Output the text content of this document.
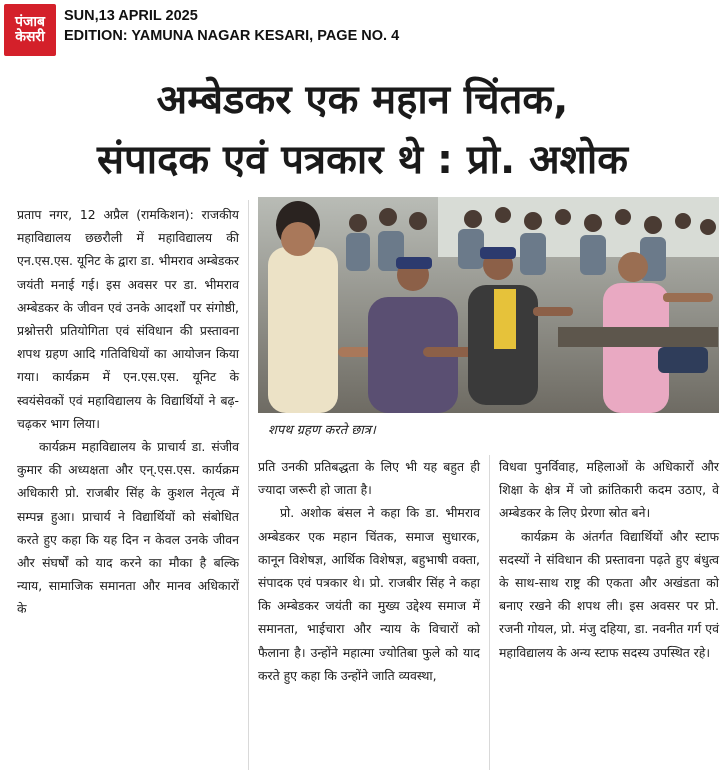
पंजाब
केसरी
SUN,13 APRIL 2025
EDITION: YAMUNA NAGAR KESARI, PAGE NO. 4
अम्बेडकर एक महान चिंतक,
संपादक एवं पत्रकार थे : प्रो. अशोक

प्रताप नगर, 12 अप्रैल (रामकिशन): राजकीय महाविद्यालय छछरौली में महाविद्यालय की एन.एस.एस. यूनिट के द्वारा डा. भीमराव अम्बेडकर जयंती मनाई गई। इस अवसर पर डा. भीमराव अम्बेडकर के जीवन एवं उनके आदर्शों पर संगोष्ठी, प्रश्नोत्तरी प्रतियोगिता एवं संविधान की प्रस्तावना शपथ ग्रहण आदि गतिविधियों का आयोजन किया गया। कार्यक्रम में एन.एस.एस. यूनिट के स्वयंसेवकों एवं महाविद्यालय के विद्यार्थियों ने बढ़-चढ़कर भाग लिया।

कार्यक्रम महाविद्यालय के प्राचार्य डा. संजीव कुमार की अध्यक्षता और एन्.एस.एस. कार्यक्रम अधिकारी प्रो. राजबीर सिंह के कुशल नेतृत्व में सम्पन्न हुआ। प्राचार्य ने विद्यार्थियों को संबोधित करते हुए कहा कि यह दिन न केवल उनके जीवन और संघर्षों को याद करने का मौका है बल्कि न्याय, सामाजिक समानता और मानव अधिकारों के

शपथ ग्रहण करते छात्र।

प्रति उनकी प्रतिबद्धता के लिए भी यह बहुत ही ज्यादा जरूरी हो जाता है।

प्रो. अशोक बंसल ने कहा कि डा. भीमराव अम्बेडकर एक महान चिंतक, समाज सुधारक, कानून विशेषज्ञ, आर्थिक विशेषज्ञ, बहुभाषी वक्ता, संपादक एवं पत्रकार थे। प्रो. राजबीर सिंह ने कहा कि अम्बेडकर जयंती का मुख्य उद्देश्य समाज में समानता, भाईचारा और न्याय के विचारों को फैलाना है। उन्होंने महात्मा ज्योतिबा फुले को याद करते हुए कहा कि उन्होंने जाति व्यवस्था,

विधवा पुनर्विवाह, महिलाओं के अधिकारों और शिक्षा के क्षेत्र में जो क्रांतिकारी कदम उठाए, वे अम्बेडकर के लिए प्रेरणा स्रोत बने।

कार्यक्रम के अंतर्गत विद्यार्थियों और स्टाफ सदस्यों ने संविधान की प्रस्तावना पढ़ते हुए बंधुत्व के साथ-साथ राष्ट्र की एकता और अखंडता को बनाए रखने की शपथ ली। इस अवसर पर प्रो. रजनी गोयल, प्रो. मंजु दहिया, डा. नवनीत गर्ग एवं महाविद्यालय के अन्य स्टाफ सदस्य उपस्थित रहे।
